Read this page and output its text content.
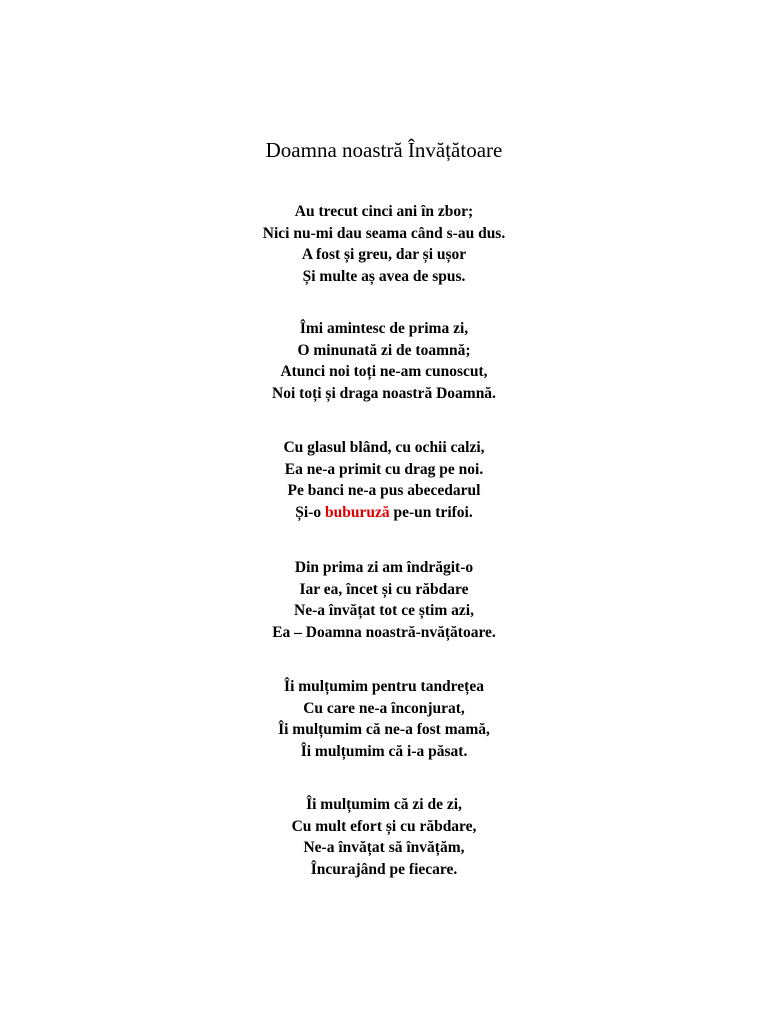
Doamna noastră Învățătoare
Au trecut cinci ani în zbor;
Nici nu-mi dau seama când s-au dus.
A fost și greu, dar și ușor
Și multe aș avea de spus.
Îmi amintesc de prima zi,
O minunată zi de toamnă;
Atunci noi toți ne-am cunoscut,
Noi toți și draga noastră Doamnă.
Cu glasul blând, cu ochii calzi,
Ea ne-a primit cu drag pe noi.
Pe banci ne-a pus abecedarul
Și-o buburuză pe-un trifoi.
Din prima zi am îndrăgit-o
Iar ea, încet și cu răbdare
Ne-a învățat tot ce știm azi,
Ea – Doamna noastră-nvățătoare.
Îi mulțumim pentru tandrețea
Cu care ne-a înconjurat,
Îi mulțumim că ne-a fost mamă,
Îi mulțumim că i-a păsat.
Îi mulțumim că zi de zi,
Cu mult efort și cu răbdare,
Ne-a învățat să învățăm,
Încurajând pe fiecare.
